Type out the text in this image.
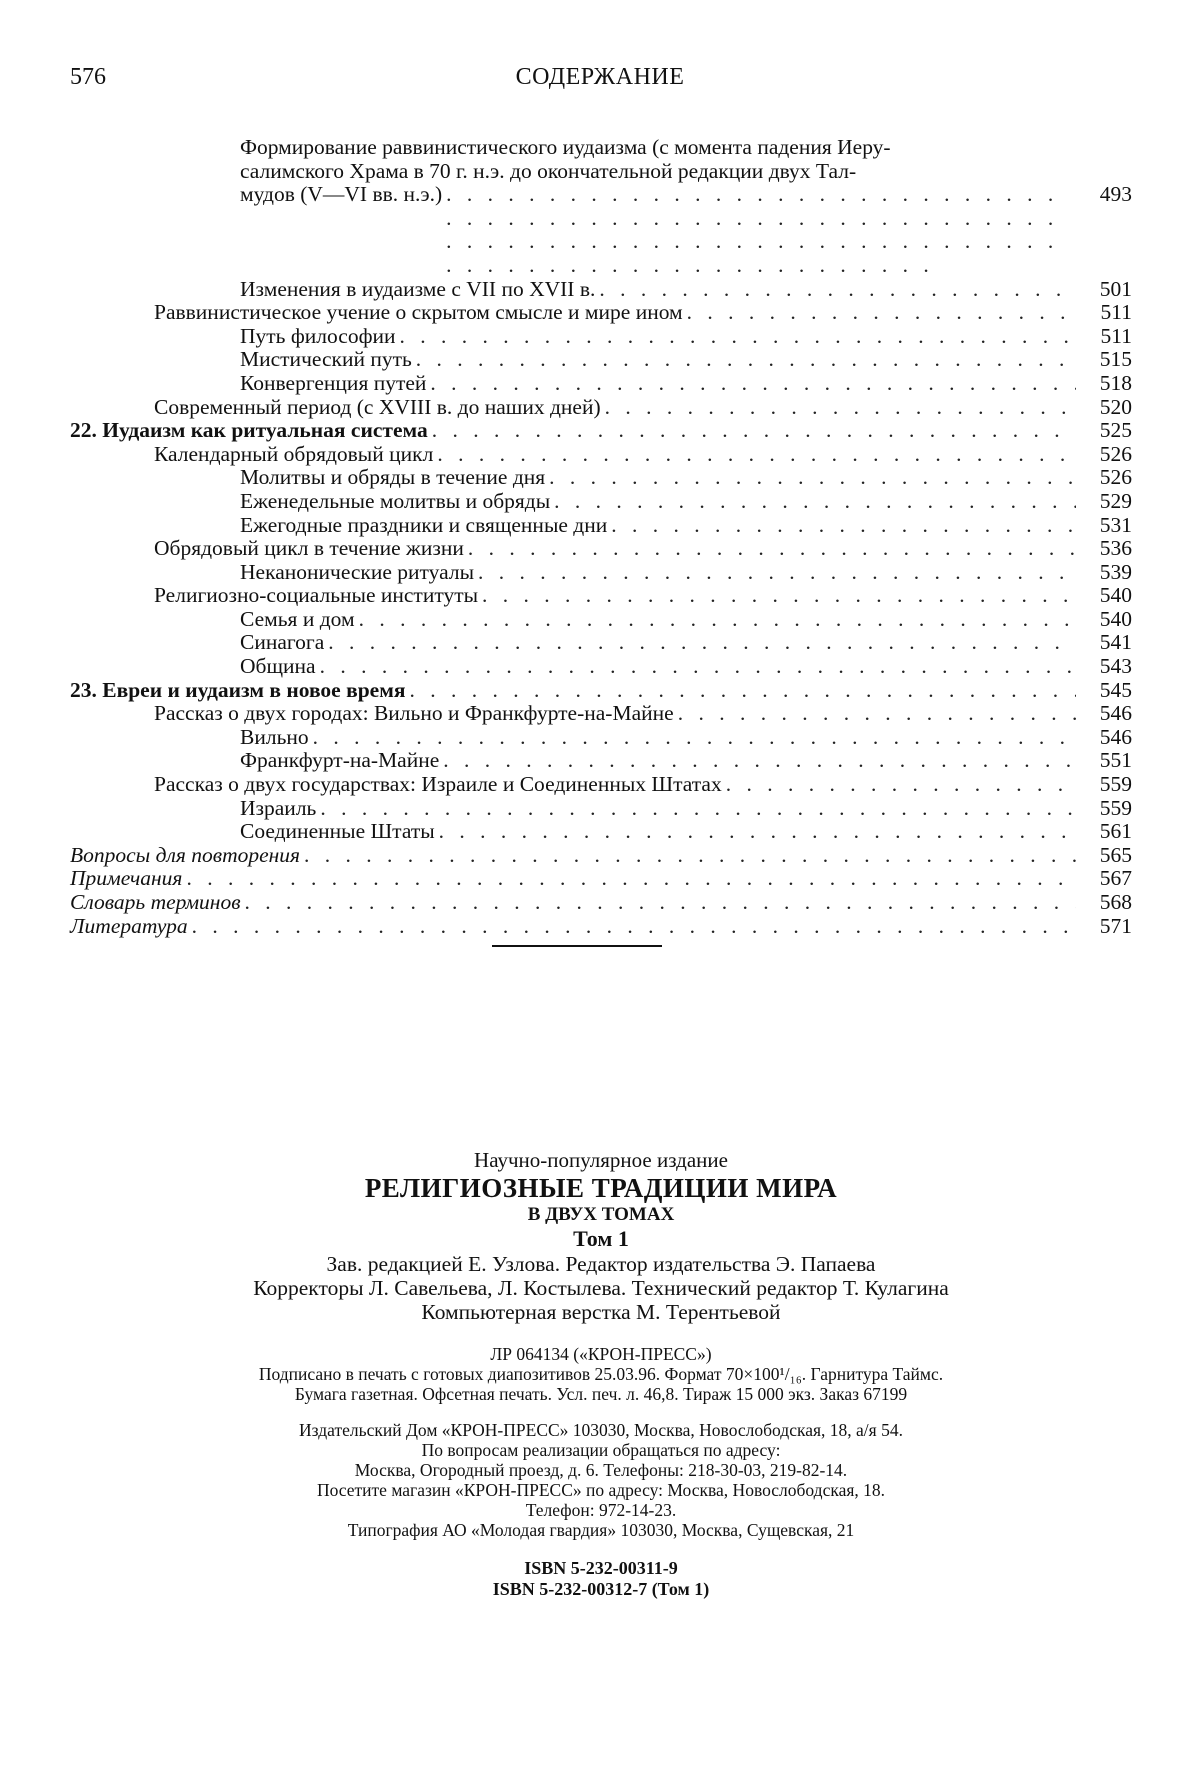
576	СОДЕРЖАНИЕ
Формирование раввинистического иудаизма (с момента падения Иеру-
салимского Храма в 70 г. н.э. до окончательной редакции двух Тал-
мудов (V—VI вв. н.э.) . . .	493
Изменения в иудаизме с VII по XVII в. . . .	501
Раввинистическое учение о скрытом смысле и мире ином . . .	511
Путь философии . . .	511
Мистический путь . . .	515
Конвергенция путей . . .	518
Современный период (с XVIII в. до наших дней) . . .	520
22. Иудаизм как ритуальная система . . .	525
Календарный обрядовый цикл . . .	526
Молитвы и обряды в течение дня . . .	526
Еженедельные молитвы и обряды . . .	529
Ежегодные праздники и священные дни . . .	531
Обрядовый цикл в течение жизни . . .	536
Неканонические ритуалы . . .	539
Религиозно-социальные институты . . .	540
Семья и дом . . .	540
Синагога . . .	541
Община . . .	543
23. Евреи и иудаизм в новое время . . .	545
Рассказ о двух городах: Вильно и Франкфурте-на-Майне . . .	546
Вильно . . .	546
Франкфурт-на-Майне . . .	551
Рассказ о двух государствах: Израиле и Соединенных Штатах . . .	559
Израиль . . .	559
Соединенные Штаты . . .	561
Вопросы для повторения . . .	565
Примечания . . .	567
Словарь терминов . . .	568
Литература . . .	571

Научно-популярное издание

РЕЛИГИОЗНЫЕ ТРАДИЦИИ МИРА

В ДВУХ ТОМАХ

Том 1

Зав. редакцией Е. Узлова. Редактор издательства Э. Папаева

Корректоры Л. Савельева, Л. Костылева. Технический редактор Т. Кулагина

Компьютерная верстка М. Терентьевой

ЛР 064134 («КРОН-ПРЕСС»)

Подписано в печать с готовых диапозитивов 25.03.96. Формат 70×100¹/₁₆. Гарнитура Таймс.

Бумага газетная. Офсетная печать. Усл. печ. л. 46,8. Тираж 15 000 экз. Заказ 67199

Издательский Дом «КРОН-ПРЕСС» 103030, Москва, Новослободская, 18, а/я 54.

По вопросам реализации обращаться по адресу:

Москва, Огородный проезд, д. 6. Телефоны: 218-30-03, 219-82-14.

Посетите магазин «КРОН-ПРЕСС» по адресу: Москва, Новослободская, 18.

Телефон: 972-14-23.

Типография АО «Молодая гвардия» 103030, Москва, Сущевская, 21

ISBN 5-232-00311-9

ISBN 5-232-00312-7 (Том 1)
